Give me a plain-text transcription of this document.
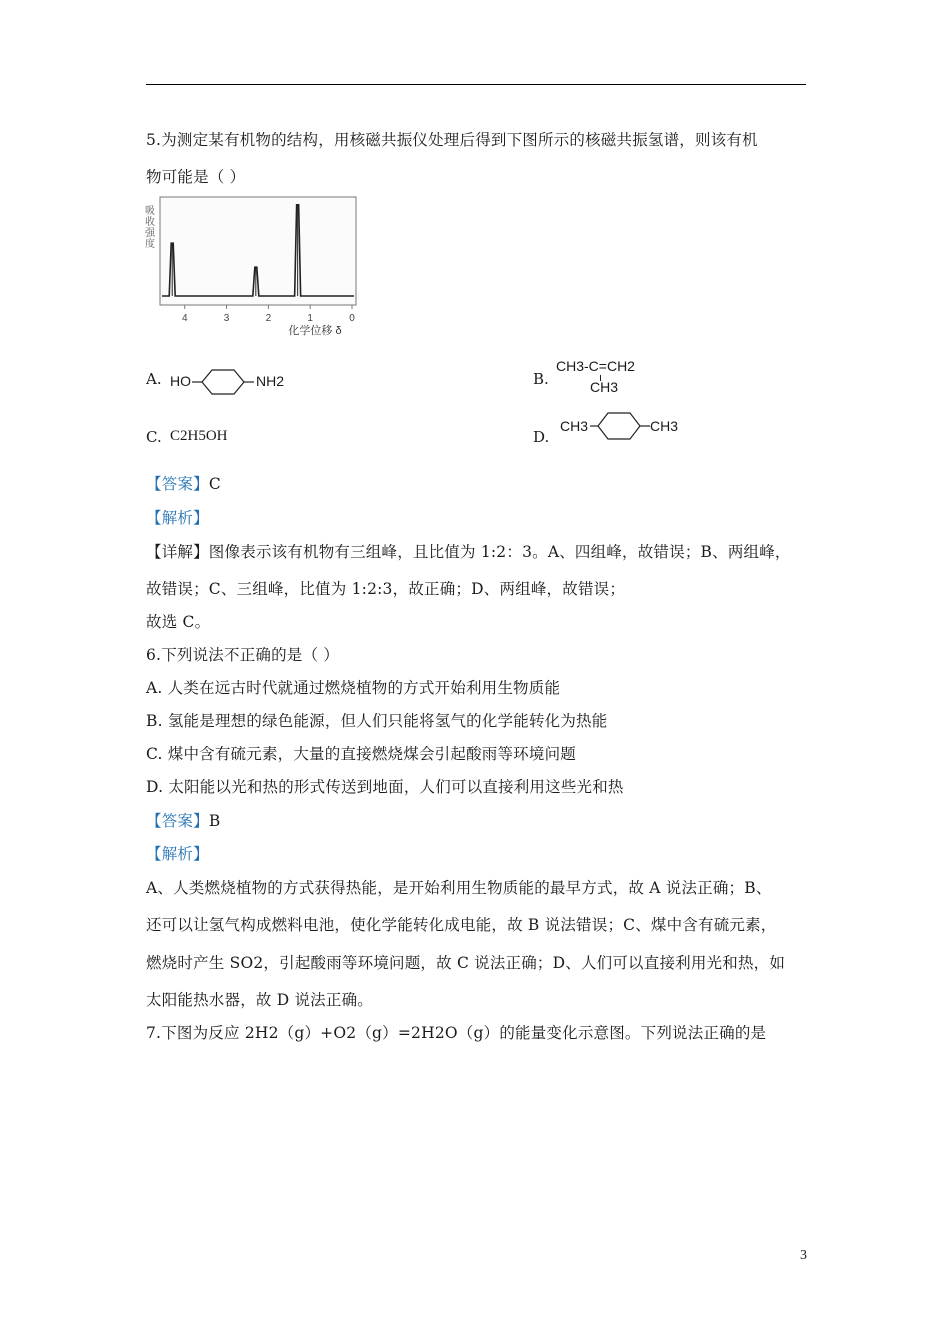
5.为测定某有机物的结构，用核磁共振仪处理后得到下图所示的核磁共振氢谱，则该有机
物可能是（ ）
吸
收
强
度
4	3	2	1	0
化学位移 δ
A. HO	NH2	B.
CH3-C=CH2
CH3
C. C2H5OH	D.
CH3	CH3
【答案】C
【解析】
【详解】图像表示该有机物有三组峰，且比值为 1:2：3。A、四组峰，故错误；B、两组峰，
故错误；C、三组峰，比值为 1:2:3，故正确；D、两组峰，故错误；
故选 C。
6.下列说法不正确的是（ ）
A. 人类在远古时代就通过燃烧植物的方式开始利用生物质能
B. 氢能是理想的绿色能源，但人们只能将氢气的化学能转化为热能
C. 煤中含有硫元素，大量的直接燃烧煤会引起酸雨等环境问题
D. 太阳能以光和热的形式传送到地面，人们可以直接利用这些光和热
【答案】B
【解析】
A、人类燃烧植物的方式获得热能，是开始利用生物质能的最早方式，故 A 说法正确；B、
还可以让氢气构成燃料电池，使化学能转化成电能，故 B 说法错误；C、煤中含有硫元素，
燃烧时产生 SO2，引起酸雨等环境问题，故 C 说法正确；D、人们可以直接利用光和热，如
太阳能热水器，故 D 说法正确。
7.下图为反应 2H2（g）+O2（g）=2H2O（g）的能量变化示意图。下列说法正确的是
3
